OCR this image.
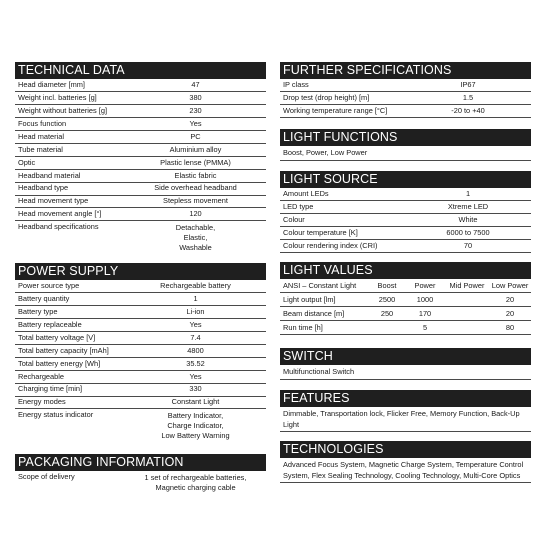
TECHNICAL DATA
Head diameter [mm]	47
Weight incl. batteries [g]	380
Weight without batteries [g]	230
Focus function	Yes
Head material	PC
Tube material	Aluminium alloy
Optic	Plastic lense (PMMA)
Headband material	Elastic fabric
Headband type	Side overhead headband
Head movement type	Stepless movement
Head movement angle [°]	120
Headband specifications	Detachable,
Elastic,
Washable
POWER SUPPLY
Power source type	Rechargeable battery
Battery quantity	1
Battery type	Li-ion
Battery replaceable	Yes
Total battery voltage [V]	7.4
Total battery capacity [mAh]	4800
Total battery energy [Wh]	35.52
Rechargeable	Yes
Charging time [min]	330
Energy modes	Constant Light
Energy status indicator	Battery Indicator,
Charge Indicator,
Low Battery Warning
PACKAGING INFORMATION
Scope of delivery	1 set of rechargeable batteries,
Magnetic charging cable
FURTHER SPECIFICATIONS
IP class	IP67
Drop test (drop height) [m]	1.5
Working temperature range [°C]	-20 to +40
LIGHT FUNCTIONS
Boost, Power, Low Power
LIGHT SOURCE
Amount LEDs	1
LED type	Xtreme LED
Colour	White
Colour temperature [K]	6000 to 7500
Colour rendering index (CRI)	70
LIGHT VALUES
ANSI – Constant Light	Boost	Power	Mid Power	Low Power
Light output [lm]	2500	1000		20
Beam distance [m]	250	170		20
Run time [h]		5		80
SWITCH
Multifunctional Switch
FEATURES
Dimmable, Transportation lock, Flicker Free, Memory Function, Back-Up Light
TECHNOLOGIES
Advanced Focus System, Magnetic Charge System, Temperature Control System, Flex Sealing Technology, Cooling Technology, Multi-Core Optics
